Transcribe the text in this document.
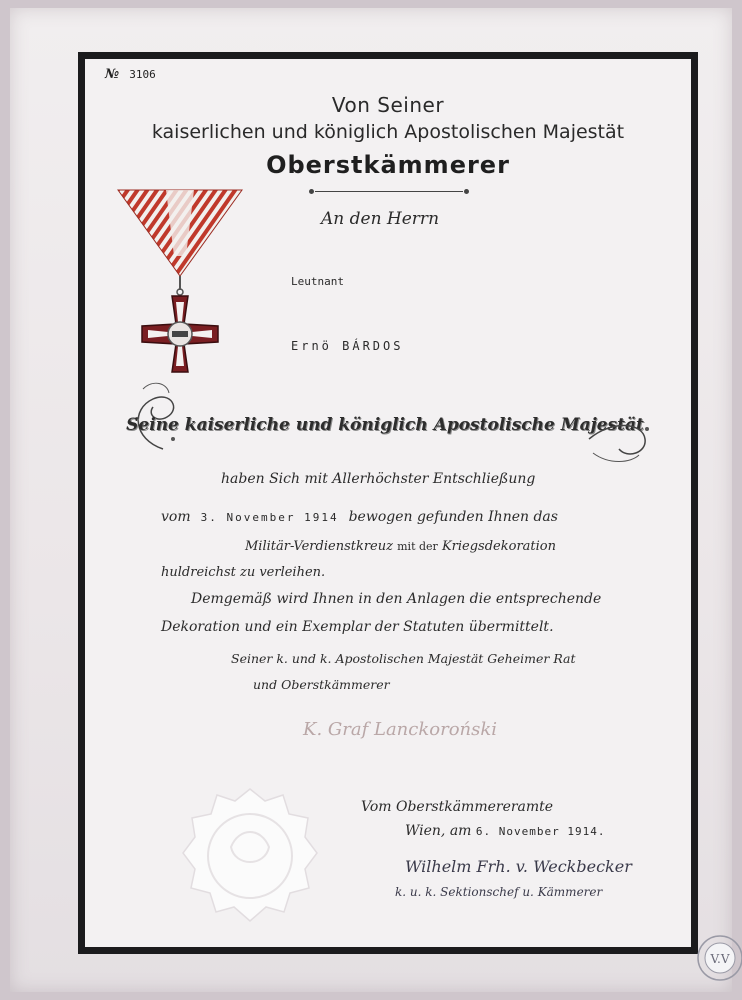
№ 3106
Von Seiner
kaiserlichen und königlich Apostolischen Majestät
Oberstkämmerer
An den Herrn
Leutnant
Ernö BÁRDOS
Seine kaiserliche und königlich Apostolische Majestät
haben Sich mit Allerhöchster Entschließung
vom 3. November 1914 bewogen gefunden Ihnen das
Militär-Verdienstkreuz mit der Kriegsdekoration
huldreichst zu verleihen.
Demgemäß wird Ihnen in den Anlagen die entsprechende
Dekoration und ein Exemplar der Statuten übermittelt.
Seiner k. und k. Apostolischen Majestät Geheimer Rat
und Oberstkämmerer
K. Graf Lanckoroński
Vom Oberstkämmereramte
Wien, am 6. November 1914.
Wilhelm Frh. v. Weckbecker
k. u. k. Sektionschef u. Kämmerer
V.V
